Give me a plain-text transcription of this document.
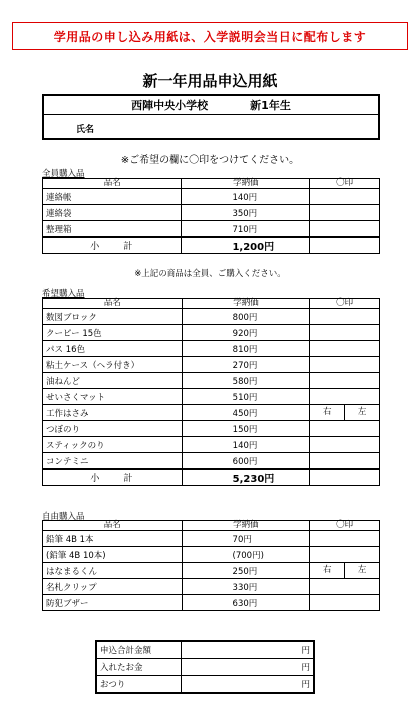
学用品の申し込み用紙は、入学説明会当日に配布します
新一年用品申込用紙
西陣中央小学校	新1年生
氏名
※ご希望の欄に〇印をつけてください。
全員購入品
品名	学納価	〇印
連絡帳	140円	
連絡袋	350円	
整理箱	710円	
小　　計	1,200円	
※上記の商品は全員、ご購入ください。
希望購入品
品名	学納価	〇印
数図ブロック	800円	
クーピー 15色	920円	
パス 16色	810円	
粘土ケース（ヘラ付き）	270円	
油ねんど	580円	
せいさくマット	510円	
工作はさみ	450円	右 左

つぼのり	150円	
スティックのり	140円	
コンテミニ	600円	
小　　計	5,230円	
自由購入品
品名	学納価	〇印
鉛筆 4B 1本	70円	
(鉛筆 4B 10本)	(700円)	
はなまるくん	250円	右 左

名札クリップ	330円	
防犯ブザー	630円	
申込合計金額	円
入れたお金	円
おつり	円
